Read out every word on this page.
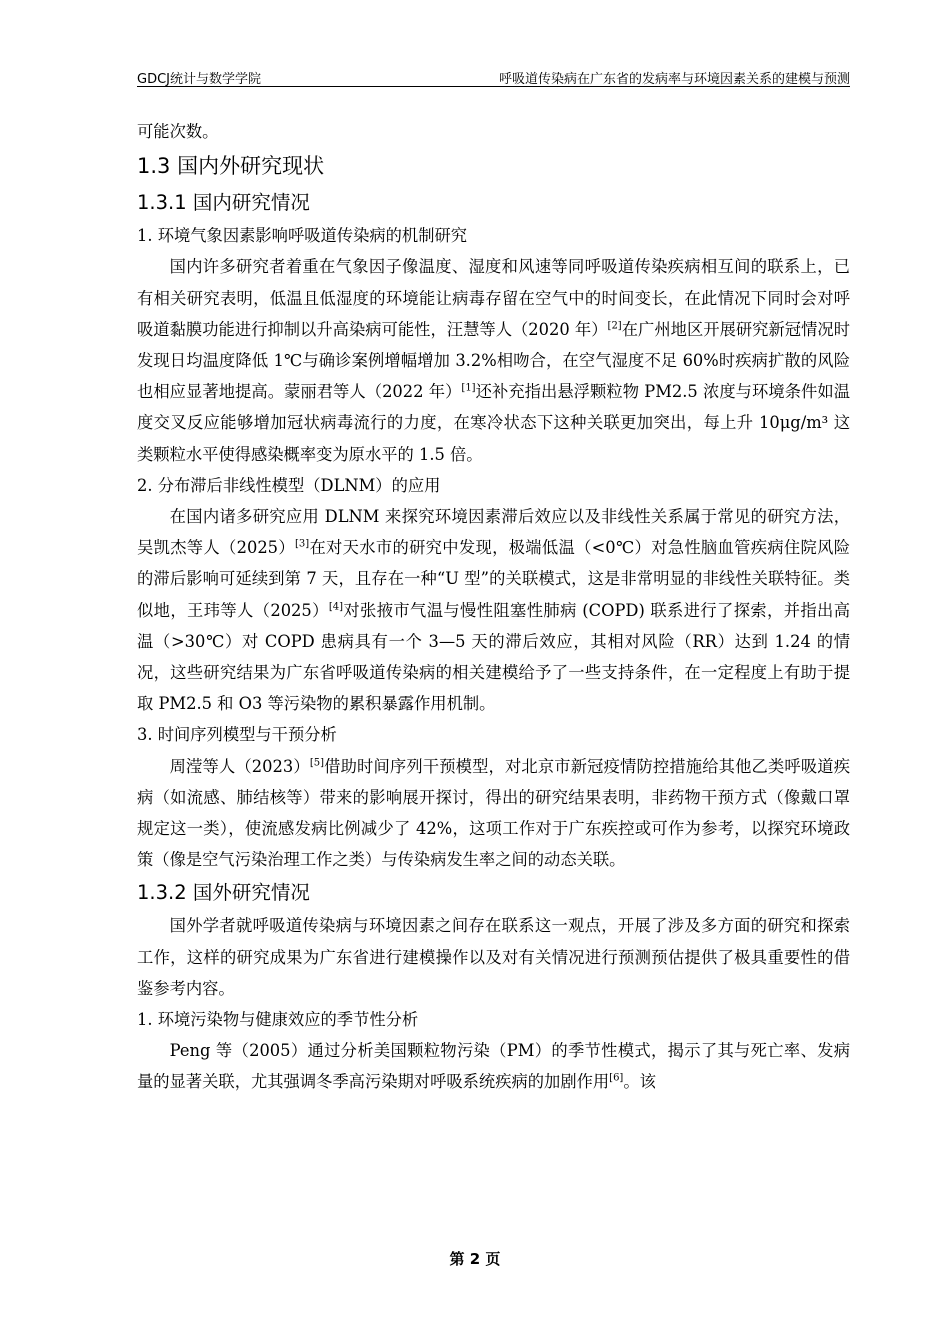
GDCJ统计与数学学院	呼吸道传染病在广东省的发病率与环境因素关系的建模与预测

可能次数。

1.3 国内外研究现状

1.3.1 国内研究情况

1. 环境气象因素影响呼吸道传染病的机制研究

国内许多研究者着重在气象因子像温度、湿度和风速等同呼吸道传染疾病相互间的联系上，已有相关研究表明，低温且低湿度的环境能让病毒存留在空气中的时间变长，在此情况下同时会对呼吸道黏膜功能进行抑制以升高染病可能性，汪慧等人（2020 年）[2]在广州地区开展研究新冠情况时发现日均温度降低 1℃与确诊案例增幅增加 3.2%相吻合，在空气湿度不足 60%时疾病扩散的风险也相应显著地提高。蒙丽君等人（2022 年）[1]还补充指出悬浮颗粒物 PM2.5 浓度与环境条件如温度交叉反应能够增加冠状病毒流行的力度，在寒冷状态下这种关联更加突出，每上升 10μg/m³ 这类颗粒水平使得感染概率变为原水平的 1.5 倍。

2. 分布滞后非线性模型（DLNM）的应用

在国内诸多研究应用 DLNM 来探究环境因素滞后效应以及非线性关系属于常见的研究方法，吴凯杰等人（2025）[3]在对天水市的研究中发现，极端低温（<0℃）对急性脑血管疾病住院风险的滞后影响可延续到第 7 天，且存在一种“U 型”的关联模式，这是非常明显的非线性关联特征。类似地，王玮等人（2025）[4]对张掖市气温与慢性阻塞性肺病 (COPD) 联系进行了探索，并指出高温（>30℃）对 COPD 患病具有一个 3—5 天的滞后效应，其相对风险（RR）达到 1.24 的情况，这些研究结果为广东省呼吸道传染病的相关建模给予了一些支持条件，在一定程度上有助于提取 PM2.5 和 O3 等污染物的累积暴露作用机制。

3. 时间序列模型与干预分析

周滢等人（2023）[5]借助时间序列干预模型，对北京市新冠疫情防控措施给其他乙类呼吸道疾病（如流感、肺结核等）带来的影响展开探讨，得出的研究结果表明，非药物干预方式（像戴口罩规定这一类），使流感发病比例减少了 42%，这项工作对于广东疾控或可作为参考，以探究环境政策（像是空气污染治理工作之类）与传染病发生率之间的动态关联。

1.3.2 国外研究情况

国外学者就呼吸道传染病与环境因素之间存在联系这一观点，开展了涉及多方面的研究和探索工作，这样的研究成果为广东省进行建模操作以及对有关情况进行预测预估提供了极具重要性的借鉴参考内容。

1. 环境污染物与健康效应的季节性分析

Peng 等（2005）通过分析美国颗粒物污染（PM）的季节性模式，揭示了其与死亡率、发病量的显著关联，尤其强调冬季高污染期对呼吸系统疾病的加剧作用[6]。该

第 2 页
